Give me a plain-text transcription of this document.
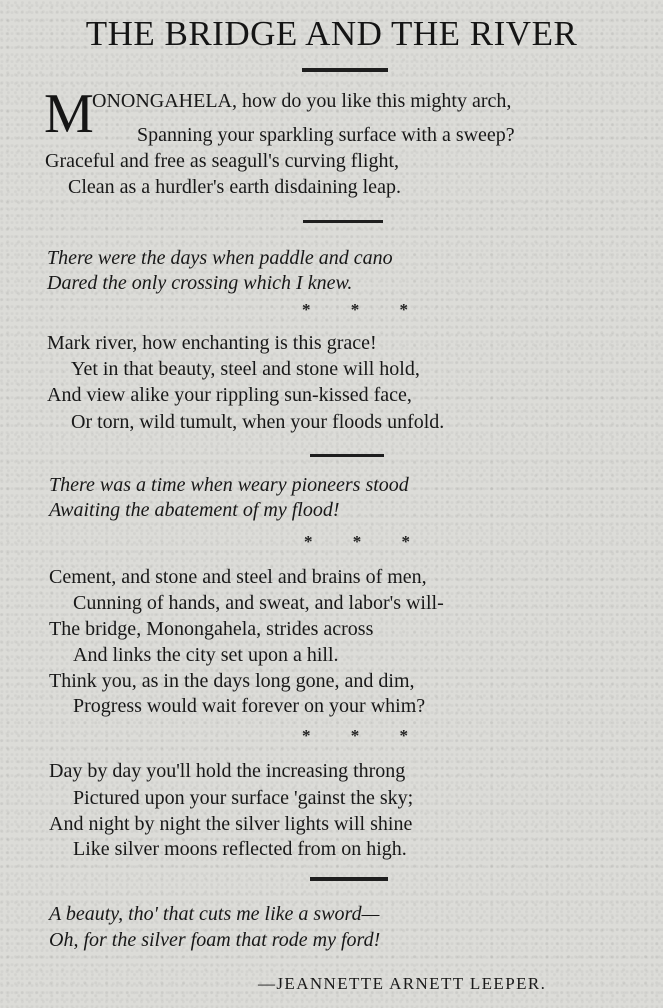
THE BRIDGE AND THE RIVER
M
ONONGAHELA, how do you like this mighty arch,
Spanning your sparkling surface with a sweep?
Graceful and free as seagull's curving flight,
Clean as a hurdler's earth disdaining leap.
There were the days when paddle and cano
Dared the only crossing which I knew.
* * *
Mark river, how enchanting is this grace!
Yet in that beauty, steel and stone will hold,
And view alike your rippling sun-kissed face,
Or torn, wild tumult, when your floods unfold.
There was a time when weary pioneers stood
Awaiting the abatement of my flood!
* * *
Cement, and stone and steel and brains of men,
Cunning of hands, and sweat, and labor's will-
The bridge, Monongahela, strides across
And links the city set upon a hill.
Think you, as in the days long gone, and dim,
Progress would wait forever on your whim?
* * *
Day by day you'll hold the increasing throng
Pictured upon your surface 'gainst the sky;
And night by night the silver lights will shine
Like silver moons reflected from on high.
A beauty, tho' that cuts me like a sword—
Oh, for the silver foam that rode my ford!
—JEANNETTE ARNETT LEEPER.
